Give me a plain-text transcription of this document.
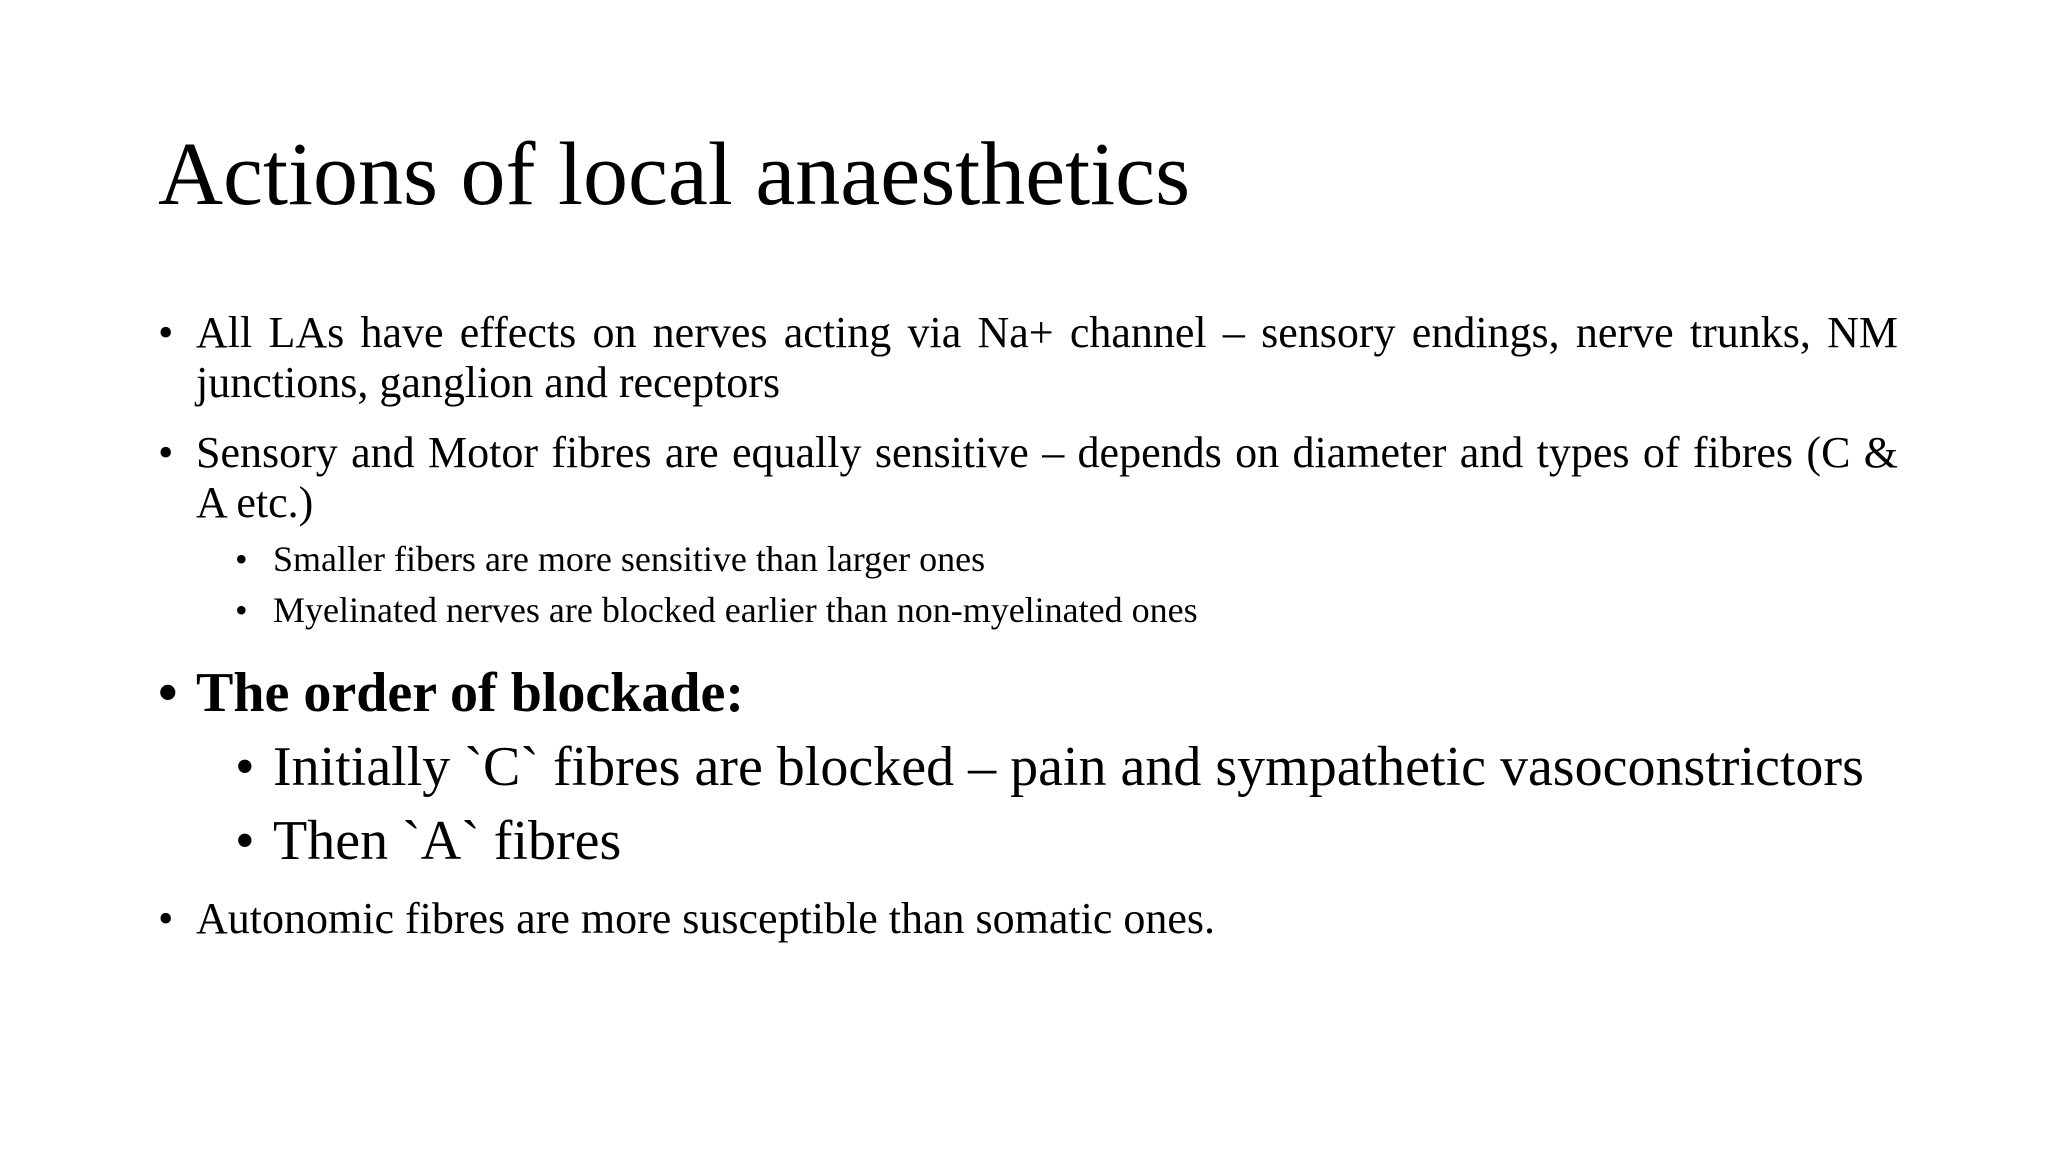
Actions of local anaesthetics

• All LAs have effects on nerves acting via Na+ channel – sensory endings, nerve trunks, NM junctions, ganglion and receptors

• Sensory and Motor fibres are equally sensitive – depends on diameter and types of fibres (C & A etc.)

• Smaller fibers are more sensitive than larger ones

• Myelinated nerves are blocked earlier than non-myelinated ones

• The order of blockade:

• Initially `C` fibres are blocked – pain and sympathetic vasoconstrictors

• Then `A` fibres

• Autonomic fibres are more susceptible than somatic ones.
